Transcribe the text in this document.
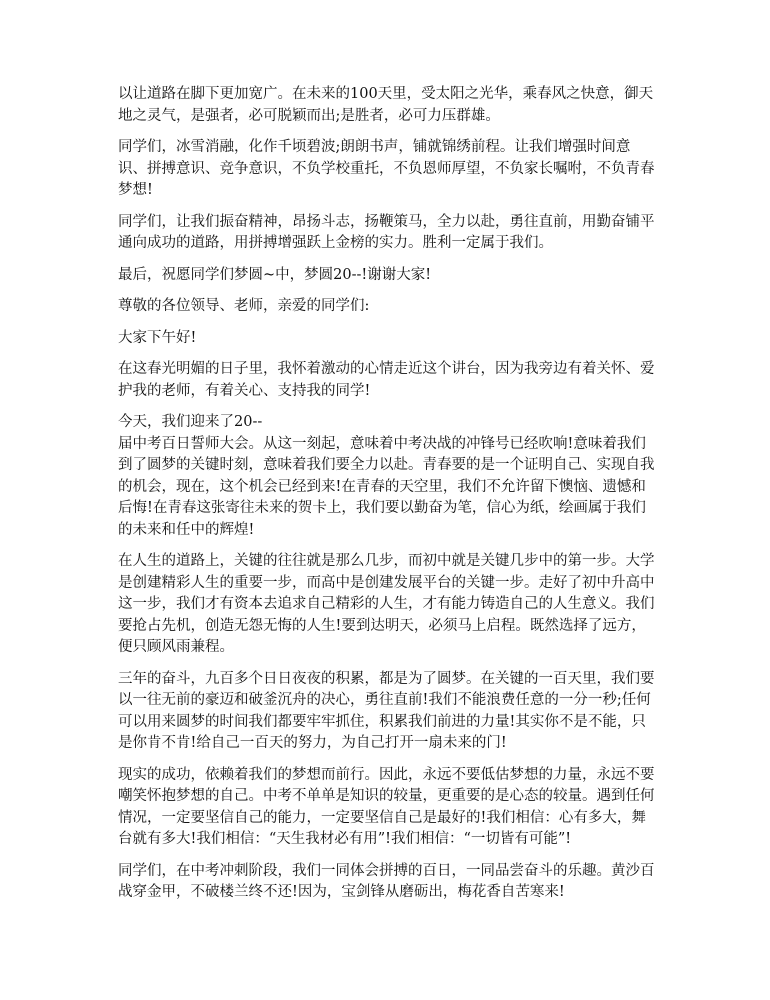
以让道路在脚下更加宽广。在未来的100天里，受太阳之光华，乘春风之快意，御天地之灵气，是强者，必可脱颖而出;是胜者，必可力压群雄。

同学们，冰雪消融，化作千顷碧波;朗朗书声，铺就锦绣前程。让我们增强时间意识、拼搏意识、竞争意识，不负学校重托，不负恩师厚望，不负家长嘱咐，不负青春梦想!

同学们，让我们振奋精神，昂扬斗志，扬鞭策马，全力以赴，勇往直前，用勤奋铺平通向成功的道路，用拼搏增强跃上金榜的实力。胜利一定属于我们。

最后，祝愿同学们梦圆~中，梦圆20--!谢谢大家!

尊敬的各位领导、老师，亲爱的同学们:

大家下午好!

在这春光明媚的日子里，我怀着激动的心情走近这个讲台，因为我旁边有着关怀、爱护我的老师，有着关心、支持我的同学!

今天，我们迎来了20--
届中考百日誓师大会。从这一刻起，意味着中考决战的冲锋号已经吹响!意味着我们到了圆梦的关键时刻，意味着我们要全力以赴。青春要的是一个证明自己、实现自我的机会，现在，这个机会已经到来!在青春的天空里，我们不允许留下懊恼、遗憾和后悔!在青春这张寄往未来的贺卡上，我们要以勤奋为笔，信心为纸，绘画属于我们的未来和任中的辉煌!

在人生的道路上，关键的往往就是那么几步，而初中就是关键几步中的第一步。大学是创建精彩人生的重要一步，而高中是创建发展平台的关键一步。走好了初中升高中这一步，我们才有资本去追求自己精彩的人生，才有能力铸造自己的人生意义。我们要抢占先机，创造无怨无悔的人生!要到达明天，必须马上启程。既然选择了远方，便只顾风雨兼程。

三年的奋斗，九百多个日日夜夜的积累，都是为了圆梦。在关键的一百天里，我们要以一往无前的豪迈和破釜沉舟的决心，勇往直前!我们不能浪费任意的一分一秒;任何可以用来圆梦的时间我们都要牢牢抓住，积累我们前进的力量!其实你不是不能，只是你肯不肯!给自己一百天的努力，为自己打开一扇未来的门!

现实的成功，依赖着我们的梦想而前行。因此，永远不要低估梦想的力量，永远不要嘲笑怀抱梦想的自己。中考不单单是知识的较量，更重要的是心态的较量。遇到任何情况，一定要坚信自己的能力，一定要坚信自己是最好的!我们相信：心有多大，舞台就有多大!我们相信：“天生我材必有用”!我们相信：“一切皆有可能”!

同学们，在中考冲刺阶段，我们一同体会拼搏的百日，一同品尝奋斗的乐趣。黄沙百战穿金甲，不破楼兰终不还!因为，宝剑锋从磨砺出，梅花香自苦寒来!
